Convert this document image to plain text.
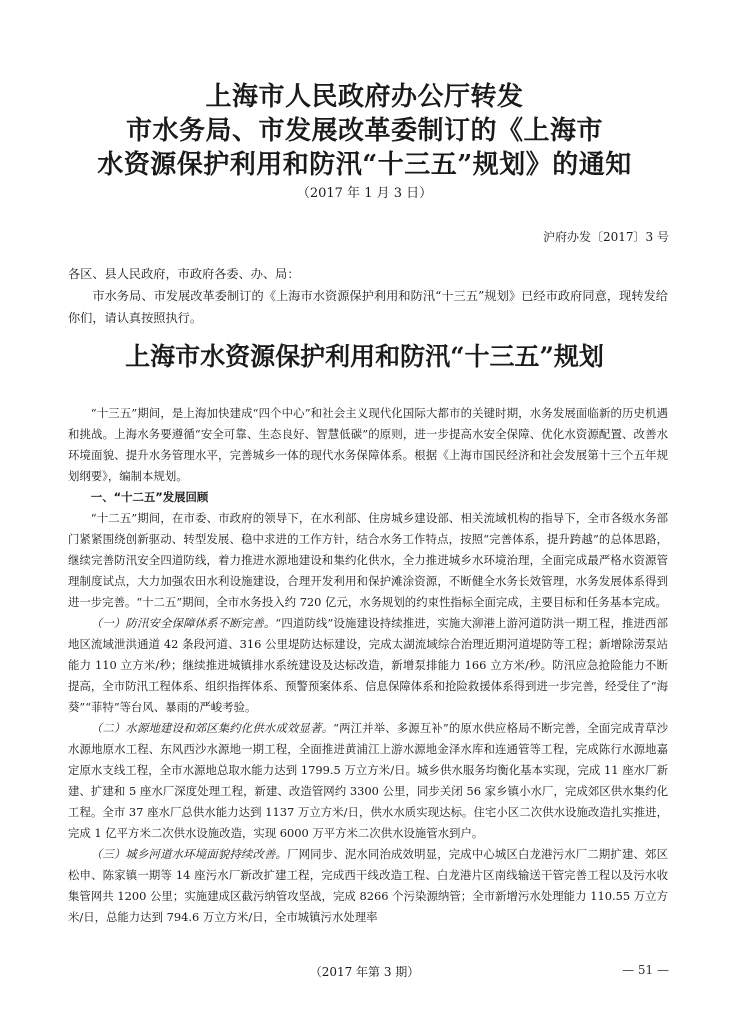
上海市人民政府办公厅转发
市水务局、市发展改革委制订的《上海市
水资源保护利用和防汛“十三五”规划》的通知
（2017 年 1 月 3 日）
沪府办发〔2017〕3 号

各区、县人民政府，市政府各委、办、局：

市水务局、市发展改革委制订的《上海市水资源保护利用和防汛“十三五”规划》已经市政府同意，现转发给你们，请认真按照执行。

上海市水资源保护利用和防汛“十三五”规划

“十三五”期间，是上海加快建成“四个中心”和社会主义现代化国际大都市的关键时期，水务发展面临新的历史机遇和挑战。上海水务要遵循“安全可靠、生态良好、智慧低碳”的原则，进一步提高水安全保障、优化水资源配置、改善水环境面貌、提升水务管理水平，完善城乡一体的现代水务保障体系。根据《上海市国民经济和社会发展第十三个五年规划纲要》，编制本规划。

一、“十二五”发展回顾

“十二五”期间，在市委、市政府的领导下，在水利部、住房城乡建设部、相关流域机构的指导下，全市各级水务部门紧紧围绕创新驱动、转型发展、稳中求进的工作方针，结合水务工作特点，按照“完善体系，提升跨越”的总体思路，继续完善防汛安全四道防线，着力推进水源地建设和集约化供水，全力推进城乡水环境治理，全面完成最严格水资源管理制度试点，大力加强农田水利设施建设，合理开发利用和保护滩涂资源，不断健全水务长效管理，水务发展体系得到进一步完善。“十二五”期间，全市水务投入约 720 亿元，水务规划的约束性指标全面完成，主要目标和任务基本完成。

（一）防汛安全保障体系不断完善。“四道防线”设施建设持续推进，实施大泖港上游河道防洪一期工程，推进西部地区流域泄洪通道 42 条段河道、316 公里堤防达标建设，完成太湖流域综合治理近期河道堤防等工程；新增除涝泵站能力 110 立方米/秒；继续推进城镇排水系统建设及达标改造，新增泵排能力 166 立方米/秒。防汛应急抢险能力不断提高，全市防汛工程体系、组织指挥体系、预警预案体系、信息保障体系和抢险救援体系得到进一步完善，经受住了“海葵”“菲特”等台风、暴雨的严峻考验。

（二）水源地建设和郊区集约化供水成效显著。“两江并举、多源互补”的原水供应格局不断完善，全面完成青草沙水源地原水工程、东风西沙水源地一期工程，全面推进黄浦江上游水源地金泽水库和连通管等工程，完成陈行水源地嘉定原水支线工程，全市水源地总取水能力达到 1799.5 万立方米/日。城乡供水服务均衡化基本实现，完成 11 座水厂新建、扩建和 5 座水厂深度处理工程，新建、改造管网约 3300 公里，同步关闭 56 家乡镇小水厂，完成郊区供水集约化工程。全市 37 座水厂总供水能力达到 1137 万立方米/日，供水水质实现达标。住宅小区二次供水设施改造扎实推进，完成 1 亿平方米二次供水设施改造，实现 6000 万平方米二次供水设施管水到户。

（三）城乡河道水环境面貌持续改善。厂网同步、泥水同治成效明显，完成中心城区白龙港污水厂二期扩建、郊区松申、陈家镇一期等 14 座污水厂新改扩建工程，完成西干线改造工程、白龙港片区南线输送干管完善工程以及污水收集管网共 1200 公里；实施建成区截污纳管攻坚战，完成 8266 个污染源纳管；全市新增污水处理能力 110.55 万立方米/日，总能力达到 794.6 万立方米/日，全市城镇污水处理率

（2017 年第 3 期）	— 51 —
